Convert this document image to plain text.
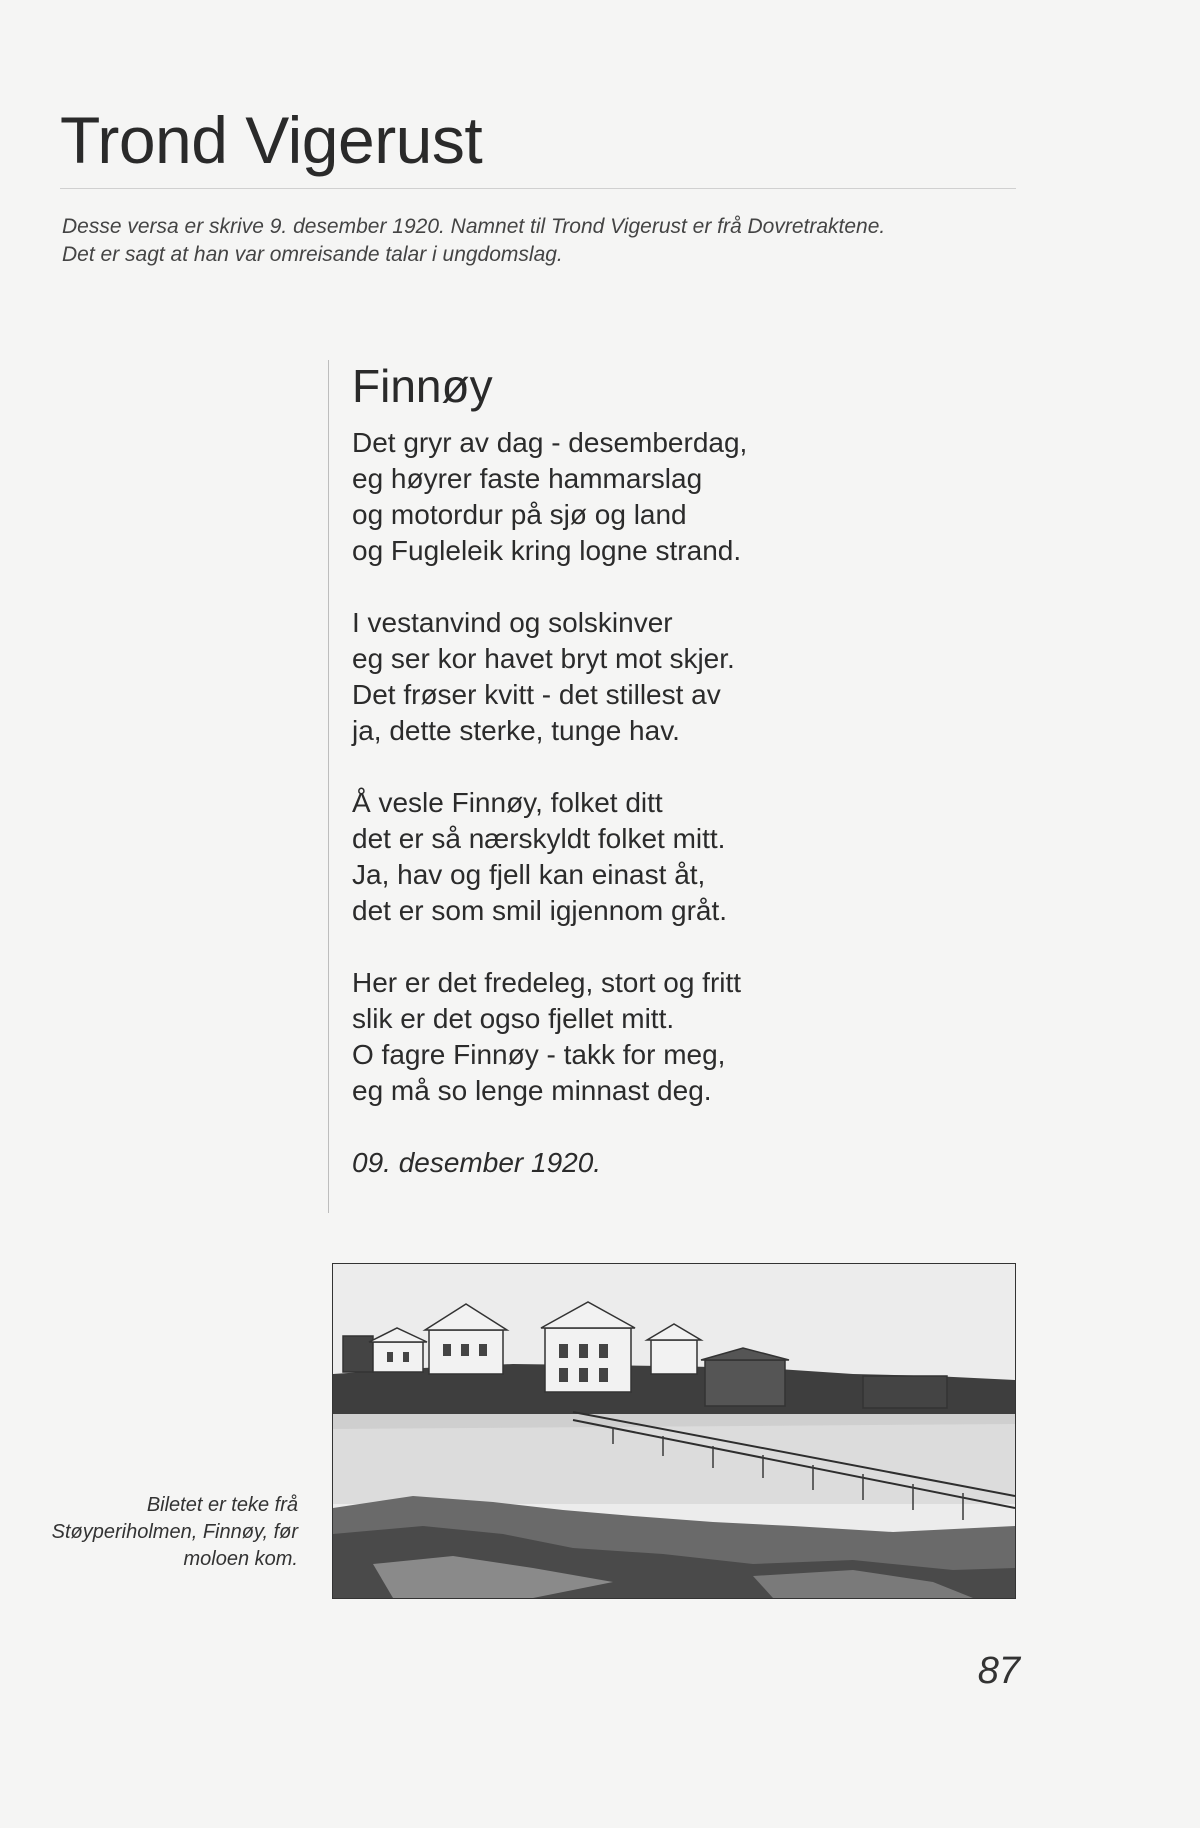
Trond Vigerust
Desse versa er skrive 9. desember 1920. Namnet til Trond Vigerust er frå Dovretraktene.
Det er sagt at han var omreisande talar i ungdomslag.
Finnøy
Det gryr av dag - desemberdag,
eg høyrer faste hammarslag
og motordur på sjø og land
og Fugleleik kring logne strand.
I vestanvind og solskinver
eg ser kor havet bryt mot skjer.
Det frøser kvitt - det stillest av
ja, dette sterke, tunge hav.
Å vesle Finnøy, folket ditt
det er så nærskyldt folket mitt.
Ja, hav og fjell kan einast åt,
det er som smil igjennom gråt.
Her er det fredeleg, stort og fritt
slik er det ogso fjellet mitt.
O fagre Finnøy - takk for meg,
eg må so lenge minnast deg.
09. desember 1920.
Biletet er teke frå
Støyperiholmen, Finnøy, før
moloen kom.
87
